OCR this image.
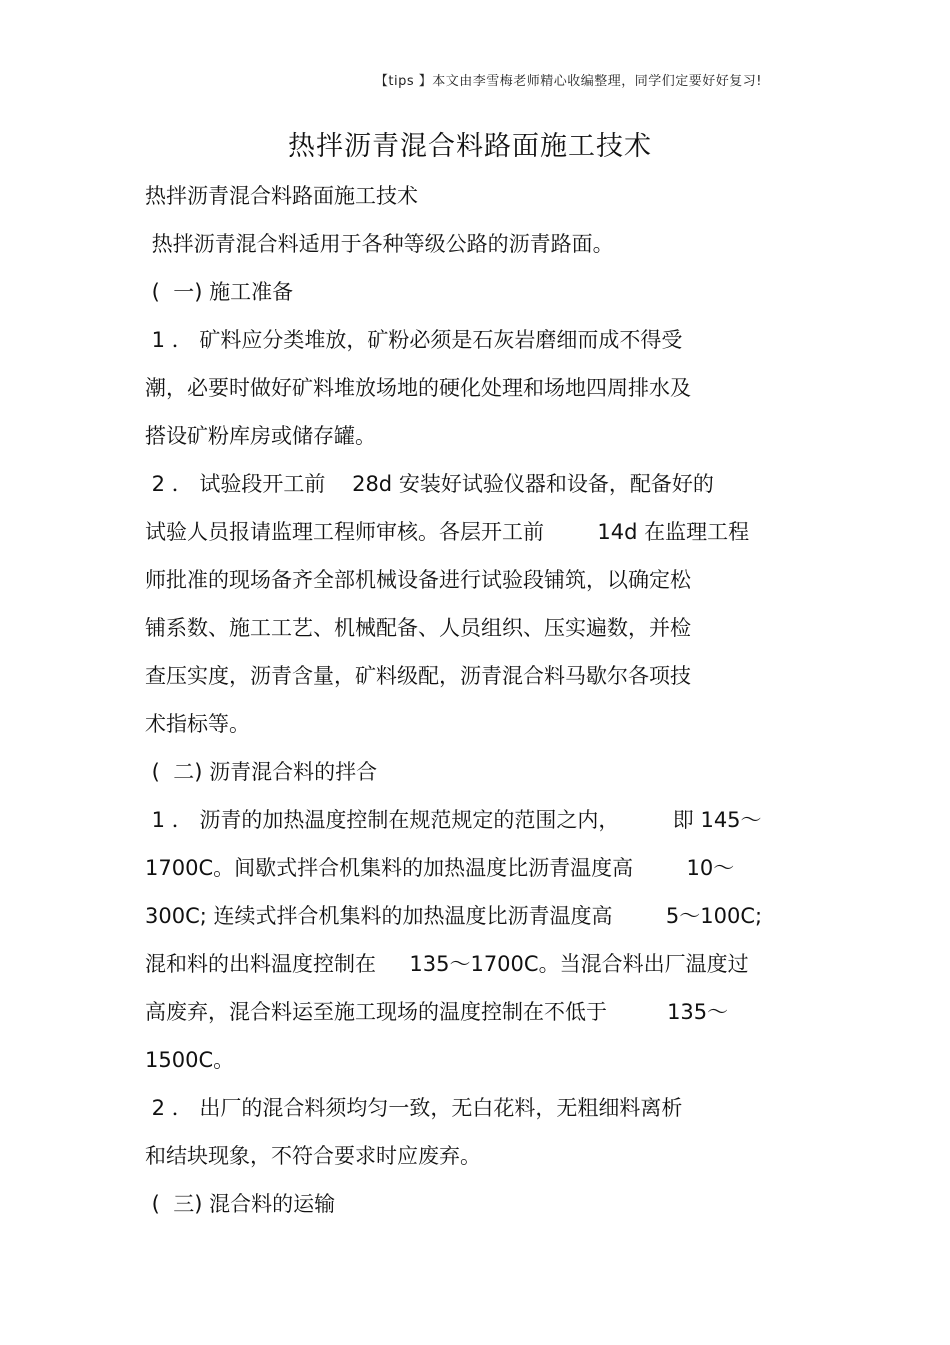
【tips 】本文由李雪梅老师精心收编整理，同学们定要好好复习!
热拌沥青混合料路面施工技术
热拌沥青混合料路面施工技术
热拌沥青混合料适用于各种等级公路的沥青路面。
(  一) 施工准备
1 ． 矿料应分类堆放，矿粉必须是石灰岩磨细而成不得受
潮，必要时做好矿料堆放场地的硬化处理和场地四周排水及
搭设矿粉库房或储存罐。
2 ． 试验段开工前    28d 安装好试验仪器和设备，配备好的
试验人员报请监理工程师审核。各层开工前        14d 在监理工程
师批准的现场备齐全部机械设备进行试验段铺筑，以确定松
铺系数、施工工艺、机械配备、人员组织、压实遍数，并检
查压实度，沥青含量，矿料级配，沥青混合料马歇尔各项技
术指标等。
(  二) 沥青混合料的拌合
1 ． 沥青的加热温度控制在规范规定的范围之内，        即 145～
1700C。间歇式拌合机集料的加热温度比沥青温度高        10～
300C; 连续式拌合机集料的加热温度比沥青温度高        5～100C;
混和料的出料温度控制在     135～1700C。当混合料出厂温度过
高废弃，混合料运至施工现场的温度控制在不低于         135～
1500C。
2 ． 出厂的混合料须均匀一致，无白花料，无粗细料离析
和结块现象，不符合要求时应废弃。
(  三) 混合料的运输
